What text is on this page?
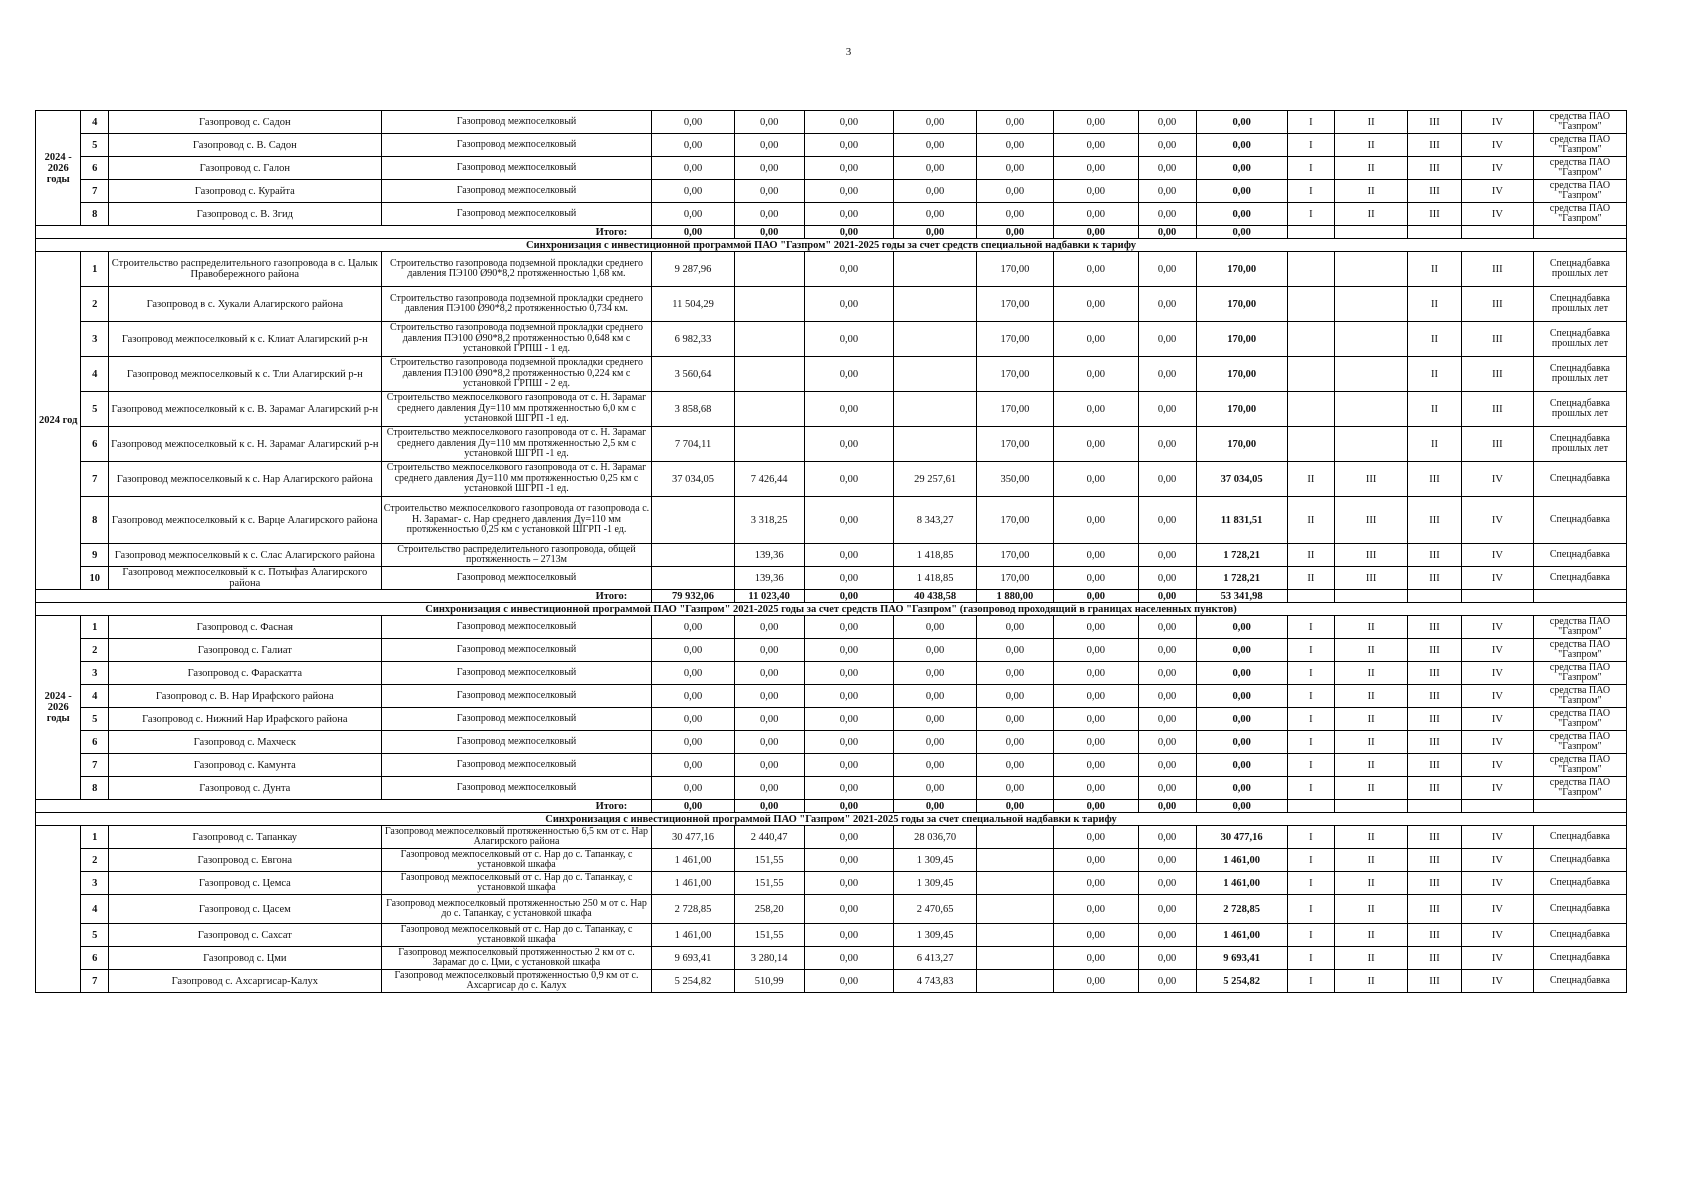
3
2024 - 2026 годы	4	Газопровод с. Садон	Газопровод межпоселковый	0,00	0,00	0,00	0,00	0,00	0,00	0,00	0,00	I	II	III	IV	средства ПАО "Газпром"
	5	Газопровод с. В. Садон	Газопровод межпоселковый	0,00	0,00	0,00	0,00	0,00	0,00	0,00	0,00	I	II	III	IV	средства ПАО "Газпром"
	6	Газопровод с. Галон	Газопровод межпоселковый	0,00	0,00	0,00	0,00	0,00	0,00	0,00	0,00	I	II	III	IV	средства ПАО "Газпром"
	7	Газопровод с. Курайта	Газопровод межпоселковый	0,00	0,00	0,00	0,00	0,00	0,00	0,00	0,00	I	II	III	IV	средства ПАО "Газпром"
	8	Газопровод с. В. Згид	Газопровод межпоселковый	0,00	0,00	0,00	0,00	0,00	0,00	0,00	0,00	I	II	III	IV	средства ПАО "Газпром"
Итого:				0,00	0,00	0,00	0,00	0,00	0,00	0,00	0,00					
Синхронизация с инвестиционной программой ПАО "Газпром" 2021-2025 годы за счет средств специальной надбавки к тарифу																
2024 год	1	Строительство распределительного газопровода в с. Цалык Правобережного района	Строительство газопровода подземной прокладки среднего давления ПЭ100 Ø90*8,2 протяженностью 1,68 км.	9 287,96		0,00		170,00	0,00	0,00	170,00			II	III	Спецнадбавка прошлых лет
	2	Газопровод в с. Хукали Алагирского района	Строительство газопровода подземной прокладки среднего давления ПЭ100 Ø90*8,2 протяженностью 0,734 км.	11 504,29		0,00		170,00	0,00	0,00	170,00			II	III	Спецнадбавка прошлых лет
	3	Газопровод межпоселковый к с. Клиат Алагирский р-н	Строительство газопровода подземной прокладки среднего давления ПЭ100 Ø90*8,2 протяженностью 0,648 км с установкой ГРПШ - 1 ед.	6 982,33		0,00		170,00	0,00	0,00	170,00			II	III	Спецнадбавка прошлых лет
	4	Газопровод межпоселковый к с. Тли Алагирский р-н	Строительство газопровода подземной прокладки среднего давления ПЭ100 Ø90*8,2 протяженностью 0,224 км с установкой ГРПШ - 2 ед.	3 560,64		0,00		170,00	0,00	0,00	170,00			II	III	Спецнадбавка прошлых лет
	5	Газопровод межпоселковый к с. В. Зарамаг Алагирский р-н	Строительство межпоселкового газопровода от с. Н. Зарамаг среднего давления Ду=110 мм протяженностью 6,0 км с установкой ШГРП -1 ед.	3 858,68		0,00		170,00	0,00	0,00	170,00			II	III	Спецнадбавка прошлых лет
	6	Газопровод межпоселковый к с. Н. Зарамаг Алагирский р-н	Строительство межпоселкового газопровода от с. Н. Зарамаг среднего давления Ду=110 мм протяженностью 2,5 км с установкой ШГРП -1 ед.	7 704,11		0,00		170,00	0,00	0,00	170,00			II	III	Спецнадбавка прошлых лет
	7	Газопровод межпоселковый к с. Нар Алагирского района	Строительство межпоселкового газопровода от с. Н. Зарамаг среднего давления Ду=110 мм протяженностью 0,25 км с установкой ШГРП -1 ед.	37 034,05	7 426,44	0,00	29 257,61	350,00	0,00	0,00	37 034,05	II	III	III	IV	Спецнадбавка
	8	Газопровод межпоселковый к с. Варце Алагирского района	Строительство межпоселкового газопровода от газопровода с. Н. Зарамаг- с. Нар среднего давления Ду=110 мм протяженностью 0,25 км с установкой ШГРП -1 ед.		3 318,25	0,00	8 343,27	170,00	0,00	0,00	11 831,51	II	III	III	IV	Спецнадбавка
	9	Газопровод межпоселковый к с. Слас Алагирского района	Строительство распределительного газопровода, общей протяженность – 2713м		139,36	0,00	1 418,85	170,00	0,00	0,00	1 728,21	II	III	III	IV	Спецнадбавка
	10	Газопровод межпоселковый к с. Потыфаз Алагирского района	Газопровод межпоселковый		139,36	0,00	1 418,85	170,00	0,00	0,00	1 728,21	II	III	III	IV	Спецнадбавка
Итого:				79 932,06	11 023,40	0,00	40 438,58	1 880,00	0,00	0,00	53 341,98					
Синхронизация с инвестиционной программой ПАО "Газпром" 2021-2025 годы за счет средств ПАО "Газпром" (газопровод проходящий в границах населенных пунктов)																
2024 - 2026 годы	1	Газопровод с. Фасная	Газопровод межпоселковый	0,00	0,00	0,00	0,00	0,00	0,00	0,00	0,00	I	II	III	IV	средства ПАО "Газпром"
	2	Газопровод с. Галиат	Газопровод межпоселковый	0,00	0,00	0,00	0,00	0,00	0,00	0,00	0,00	I	II	III	IV	средства ПАО "Газпром"
	3	Газопровод с. Фараскатта	Газопровод межпоселковый	0,00	0,00	0,00	0,00	0,00	0,00	0,00	0,00	I	II	III	IV	средства ПАО "Газпром"
	4	Газопровод с. В. Нар Ирафского района	Газопровод межпоселковый	0,00	0,00	0,00	0,00	0,00	0,00	0,00	0,00	I	II	III	IV	средства ПАО "Газпром"
	5	Газопровод с. Нижний Нар Ирафского района	Газопровод межпоселковый	0,00	0,00	0,00	0,00	0,00	0,00	0,00	0,00	I	II	III	IV	средства ПАО "Газпром"
	6	Газопровод с. Махческ	Газопровод межпоселковый	0,00	0,00	0,00	0,00	0,00	0,00	0,00	0,00	I	II	III	IV	средства ПАО "Газпром"
	7	Газопровод с. Камунта	Газопровод межпоселковый	0,00	0,00	0,00	0,00	0,00	0,00	0,00	0,00	I	II	III	IV	средства ПАО "Газпром"
	8	Газопровод с. Дунта	Газопровод межпоселковый	0,00	0,00	0,00	0,00	0,00	0,00	0,00	0,00	I	II	III	IV	средства ПАО "Газпром"
Итого:				0,00	0,00	0,00	0,00	0,00	0,00	0,00	0,00					
Синхронизация с инвестиционной программой ПАО "Газпром" 2021-2025 годы за счет специальной надбавки к тарифу																
	1	Газопровод с. Тапанкау	Газопровод межпоселковый протяженностью 6,5 км от с. Нар Алагирского района	30 477,16	2 440,47	0,00	28 036,70		0,00	0,00	30 477,16	I	II	III	IV	Спецнадбавка
	2	Газопровод с. Евгона	Газопровод межпоселковый от с. Нар до с. Тапанкау, с установкой шкафа	1 461,00	151,55	0,00	1 309,45		0,00	0,00	1 461,00	I	II	III	IV	Спецнадбавка
	3	Газопровод с. Цемса	Газопровод межпоселковый от с. Нар до с. Тапанкау, с установкой шкафа	1 461,00	151,55	0,00	1 309,45		0,00	0,00	1 461,00	I	II	III	IV	Спецнадбавка
	4	Газопровод с. Цасем	Газопровод межпоселковый протяженностью 250 м от с. Нар до с. Тапанкау, с установкой шкафа	2 728,85	258,20	0,00	2 470,65		0,00	0,00	2 728,85	I	II	III	IV	Спецнадбавка
	5	Газопровод с. Сахсат	Газопровод межпоселковый от с. Нар до с. Тапанкау, с установкой шкафа	1 461,00	151,55	0,00	1 309,45		0,00	0,00	1 461,00	I	II	III	IV	Спецнадбавка
	6	Газопровод с. Цми	Газопровод межпоселковый протяженностью 2 км от с. Зарамаг до с. Цми, с установкой шкафа	9 693,41	3 280,14	0,00	6 413,27		0,00	0,00	9 693,41	I	II	III	IV	Спецнадбавка
	7	Газопровод с. Ахсаргисар-Калух	Газопровод межпоселковый протяженностью 0,9 км от с. Ахсаргисар до с. Калух	5 254,82	510,99	0,00	4 743,83		0,00	0,00	5 254,82	I	II	III	IV	Спецнадбавка
